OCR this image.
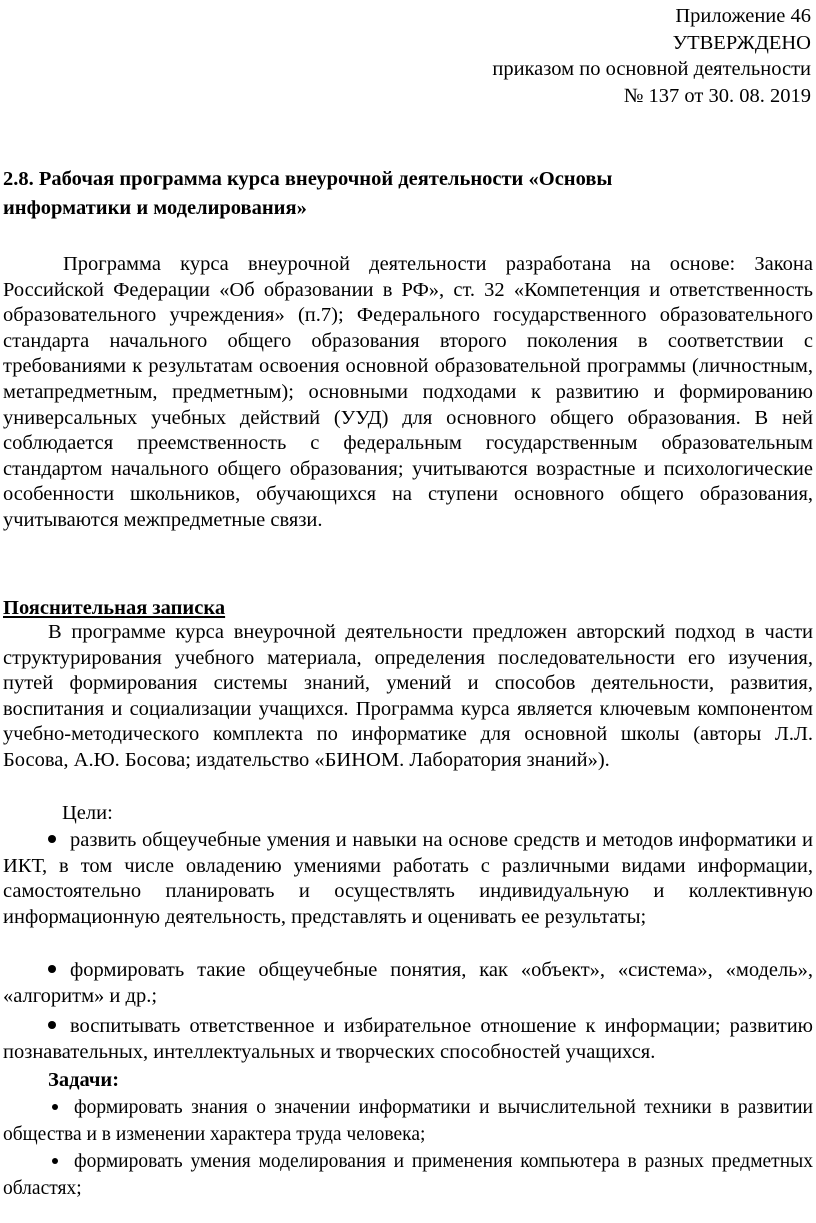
Приложение 46
УТВЕРЖДЕНО
приказом по основной деятельности
№ 137 от 30. 08. 2019
2.8. Рабочая программа курса внеурочной деятельности «Основы
информатики и моделирования»
Программа курса внеурочной деятельности разработана на основе: Закона Российской Федерации «Об образовании в РФ», ст. 32 «Компетенция и ответственность образовательного учреждения» (п.7); Федерального государственного образовательного стандарта начального общего образования второго поколения в соответствии с требованиями к результатам освоения основной образовательной программы (личностным, метапредметным, предметным); основными подходами к развитию и формированию универсальных учебных действий (УУД) для основного общего образования. В ней соблюдается преемственность с федеральным государственным образовательным стандартом начального общего образования; учитываются возрастные и психологические особенности школьников, обучающихся на ступени основного общего образования, учитываются межпредметные связи.
Пояснительная записка
В программе курса внеурочной деятельности предложен авторский подход в части структурирования учебного материала, определения последовательности его изучения, путей формирования системы знаний, умений и способов деятельности, развития, воспитания и социализации учащихся. Программа курса является ключевым компонентом учебно-методического комплекта по информатике для основной школы (авторы Л.Л. Босова, А.Ю. Босова; издательство «БИНОМ. Лаборатория знаний»).
Цели:
развить общеучебные умения и навыки на основе средств и методов информатики и ИКТ, в том числе овладению умениями работать с различными видами информации, самостоятельно планировать и осуществлять индивидуальную и коллективную информационную деятельность, представлять и оценивать ее результаты;
формировать такие общеучебные понятия, как «объект», «система», «модель», «алгоритм» и др.;
воспитывать ответственное и избирательное отношение к информации; развитию познавательных, интеллектуальных и творческих способностей учащихся.
Задачи:
формировать знания о значении информатики и вычислительной техники в развитии общества и в изменении характера труда человека;
формировать умения моделирования и применения компьютера в разных предметных областях;
